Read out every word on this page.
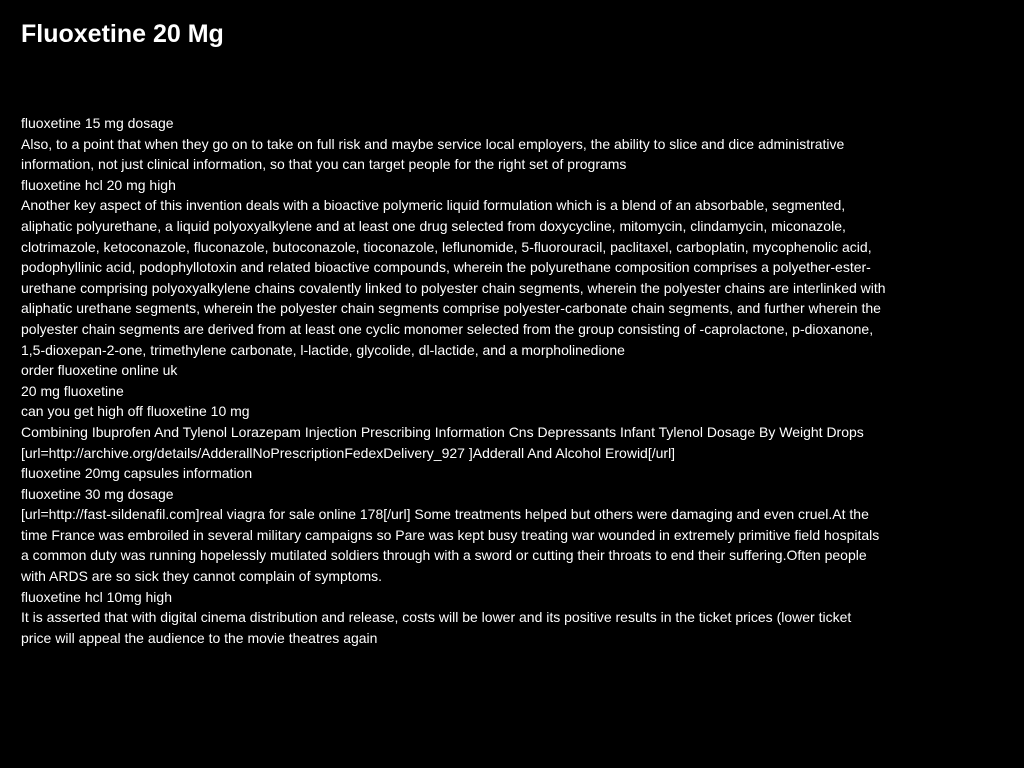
Fluoxetine 20 Mg
fluoxetine 15 mg dosage
Also, to a point that when they go on to take on full risk and maybe service local employers, the ability to slice and dice administrative
information, not just clinical information, so that you can target people for the right set of programs
fluoxetine hcl 20 mg high
Another key aspect of this invention deals with a bioactive polymeric liquid formulation which is a blend of an absorbable, segmented,
aliphatic polyurethane, a liquid polyoxyalkylene and at least one drug selected from doxycycline, mitomycin, clindamycin, miconazole,
clotrimazole, ketoconazole, fluconazole, butoconazole, tioconazole, leflunomide, 5-fluorouracil, paclitaxel, carboplatin, mycophenolic acid,
podophyllinic acid, podophyllotoxin and related bioactive compounds, wherein the polyurethane composition comprises a polyether-ester-
urethane comprising polyoxyalkylene chains covalently linked to polyester chain segments, wherein the polyester chains are interlinked with
aliphatic urethane segments, wherein the polyester chain segments comprise polyester-carbonate chain segments, and further wherein the
polyester chain segments are derived from at least one cyclic monomer selected from the group consisting of -caprolactone, p-dioxanone,
1,5-dioxepan-2-one, trimethylene carbonate, l-lactide, glycolide, dl-lactide, and a morpholinedione
order fluoxetine online uk
20 mg fluoxetine
can you get high off fluoxetine 10 mg
Combining Ibuprofen And Tylenol Lorazepam Injection Prescribing Information Cns Depressants Infant Tylenol Dosage By Weight Drops
[url=http://archive.org/details/AdderallNoPrescriptionFedexDelivery_927 ]Adderall And Alcohol Erowid[/url]
fluoxetine 20mg capsules information
fluoxetine 30 mg dosage
[url=http://fast-sildenafil.com]real viagra for sale online 178[/url] Some treatments helped but others were damaging and even cruel.At the
time France was embroiled in several military campaigns so Pare was kept busy treating war wounded in extremely primitive field hospitals
a common duty was running hopelessly mutilated soldiers through with a sword or cutting their throats to end their suffering.Often people
with ARDS are so sick they cannot complain of symptoms.
fluoxetine hcl 10mg high
It is asserted that with digital cinema distribution and release, costs will be lower and its positive results in the ticket prices (lower ticket
price will appeal the audience to the movie theatres again
